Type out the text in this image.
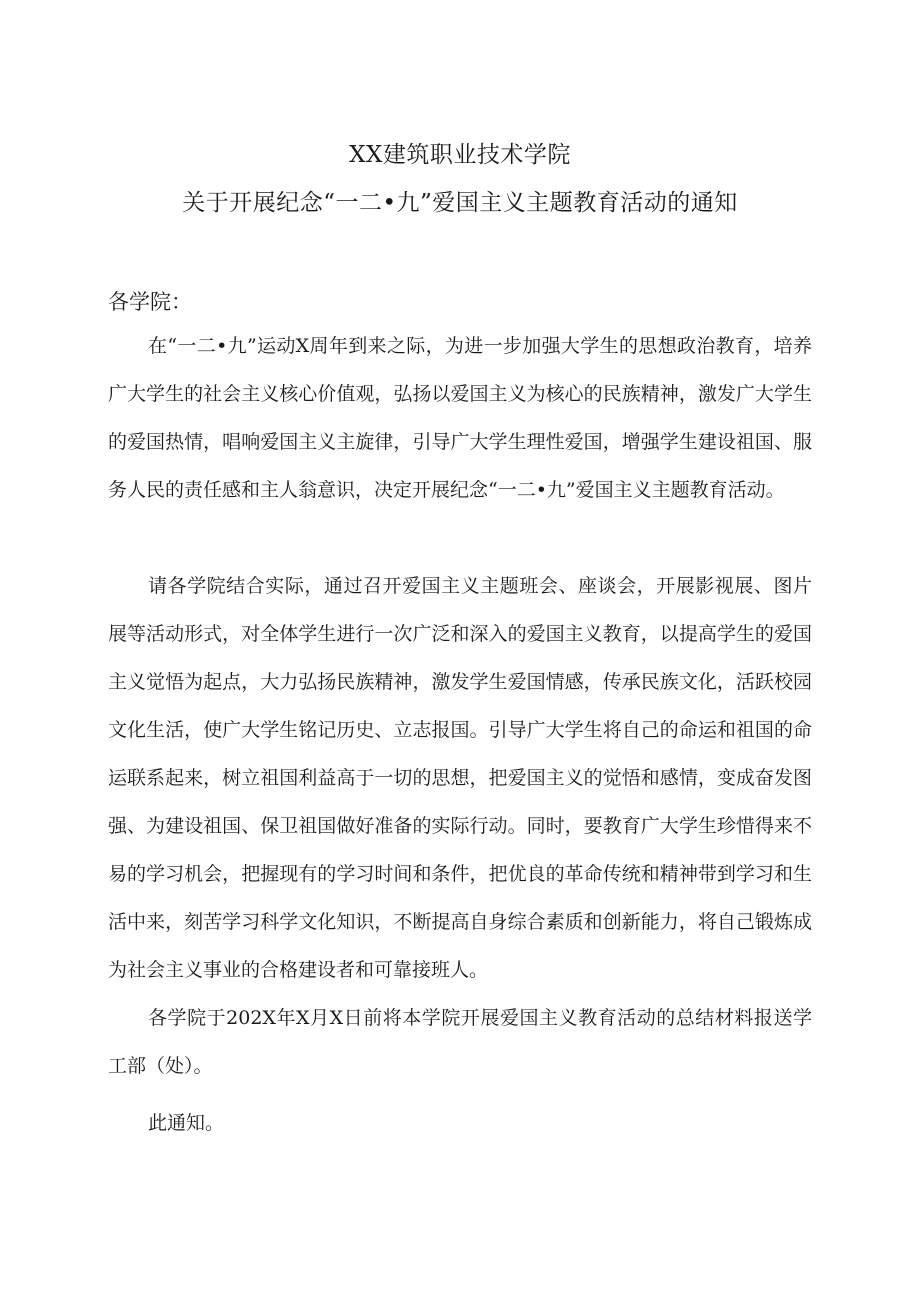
XX建筑职业技术学院
关于开展纪念“一二•九”爱国主义主题教育活动的通知
各学院：

在“一二•九”运动X周年到来之际，为进一步加强大学生的思想政治教育，培养广大学生的社会主义核心价值观，弘扬以爱国主义为核心的民族精神，激发广大学生的爱国热情，唱响爱国主义主旋律，引导广大学生理性爱国，增强学生建设祖国、服务人民的责任感和主人翁意识，决定开展纪念“一二•九”爱国主义主题教育活动。

请各学院结合实际，通过召开爱国主义主题班会、座谈会，开展影视展、图片展等活动形式，对全体学生进行一次广泛和深入的爱国主义教育，以提高学生的爱国主义觉悟为起点，大力弘扬民族精神，激发学生爱国情感，传承民族文化，活跃校园文化生活，使广大学生铭记历史、立志报国。引导广大学生将自己的命运和祖国的命运联系起来，树立祖国利益高于一切的思想，把爱国主义的觉悟和感情，变成奋发图强、为建设祖国、保卫祖国做好准备的实际行动。同时，要教育广大学生珍惜得来不易的学习机会，把握现有的学习时间和条件，把优良的革命传统和精神带到学习和生活中来，刻苦学习科学文化知识，不断提高自身综合素质和创新能力，将自己锻炼成为社会主义事业的合格建设者和可靠接班人。

各学院于202X年X月X日前将本学院开展爱国主义教育活动的总结材料报送学工部（处）。

此通知。
